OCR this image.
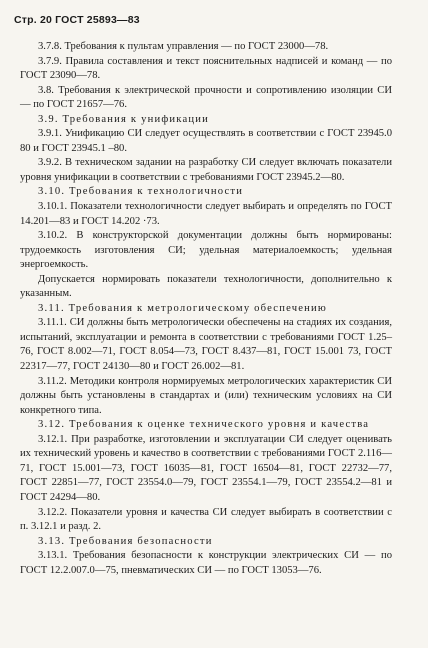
Стр. 20 ГОСТ 25893—83

3.7.8. Требования к пультам управления — по ГОСТ 23000—78.

3.7.9. Правила составления и текст пояснительных надписей и команд — по ГОСТ 23090—78.

3.8. Требования к электрической прочности и сопротивлению изоляции СИ — по ГОСТ 21657—76.

3.9. Требования к унификации

3.9.1. Унификацию СИ следует осуществлять в соответствии с ГОСТ 23945.0 80 и ГОСТ 23945.1 –80.

3.9.2. В техническом задании на разработку СИ следует включать показатели уровня унификации в соответствии с требованиями ГОСТ 23945.2—80.

3.10. Требования к технологичности

3.10.1. Показатели технологичности следует выбирать и определять по ГОСТ 14.201—83 и ГОСТ 14.202 ·73.

3.10.2. В конструкторской документации должны быть нормированы: трудоемкость изготовления СИ; удельная материалоемкость; удельная энергоемкость.

Допускается нормировать показатели технологичности, дополнительно к указанным.

3.11. Требования к метрологическому обеспечению

3.11.1. СИ должны быть метрологически обеспечены на стадиях их создания, испытаний, эксплуатации и ремонта в соответствии с требованиями ГОСТ 1.25– 76, ГОСТ 8.002—71, ГОСТ 8.054—73, ГОСТ 8.437—81, ГОСТ 15.001 73, ГОСТ 22317—77, ГОСТ 24130—80 и ГОСТ 26.002—81.

3.11.2. Методики контроля нормируемых метрологических характеристик СИ должны быть установлены в стандартах и (или) техническим условиях на СИ конкретного типа.

3.12. Требования к оценке технического уровня и качества

3.12.1. При разработке, изготовлении и эксплуатации СИ следует оценивать их технический уровень и качество в соответствии с требованиями ГОСТ 2.116—71, ГОСТ 15.001—73, ГОСТ 16035—81, ГОСТ 16504—81, ГОСТ 22732—77, ГОСТ 22851—77, ГОСТ 23554.0—79, ГОСТ 23554.1—79, ГОСТ 23554.2—81 и ГОСТ 24294—80.

3.12.2. Показатели уровня и качества СИ следует выбирать в соответствии с п. 3.12.1 и разд. 2.

3.13. Требования безопасности

3.13.1. Требования безопасности к конструкции электрических СИ — по ГОСТ 12.2.007.0—75, пневматических СИ — по ГОСТ 13053—76.
